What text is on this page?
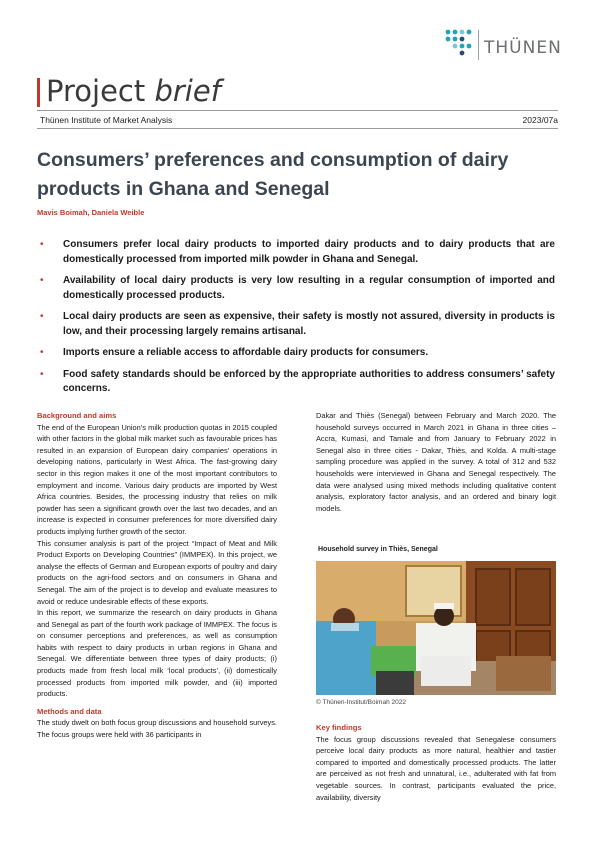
THÜNEN
Project brief
Thünen Institute of Market Analysis	2023/07a
Consumers’ preferences and consumption of dairy products in Ghana and Senegal
Mavis Boimah, Daniela Weible
• Consumers prefer local dairy products to imported dairy products and to dairy products that are domestically processed from imported milk powder in Ghana and Senegal.
• Availability of local dairy products is very low resulting in a regular consumption of imported and domestically processed products.
• Local dairy products are seen as expensive, their safety is mostly not assured, diversity in products is low, and their processing largely remains artisanal.
• Imports ensure a reliable access to affordable dairy products for consumers.
• Food safety standards should be enforced by the appropriate authorities to address consumers’ safety concerns.
Background and aims

The end of the European Union’s milk production quotas in 2015 coupled with other factors in the global milk market such as favourable prices has resulted in an expansion of European dairy companies’ operations in developing nations, particularly in West Africa. The fast-growing dairy sector in this region makes it one of the most important contributors to employment and income. Various dairy products are imported by West Africa countries. Besides, the processing industry that relies on milk powder has seen a significant growth over the last two decades, and an increase is expected in consumer preferences for more diversified dairy products implying further growth of the sector.

This consumer analysis is part of the project “Impact of Meat and Milk Product Exports on Developing Countries” (IMMPEX). In this project, we analyse the effects of German and European exports of poultry and dairy products on the agri-food sectors and on consumers in Ghana and Senegal. The aim of the project is to develop and evaluate measures to avoid or reduce undesirable effects of these exports.

In this report, we summarize the research on dairy products in Ghana and Senegal as part of the fourth work package of IMMPEX. The focus is on consumer perceptions and preferences, as well as consumption habits with respect to dairy products in urban regions in Ghana and Senegal. We differentiate between three types of dairy products; (i) products made from fresh local milk ‘local products’, (ii) domestically processed products from imported milk powder, and (iii) imported products.

Methods and data

The study dwelt on both focus group discussions and household surveys. The focus groups were held with 36 participants in

Dakar and Thiès (Senegal) between February and March 2020. The household surveys occurred in March 2021 in Ghana in three cities – Accra, Kumasi, and Tamale and from January to February 2022 in Senegal also in three cities - Dakar, Thiès, and Kolda. A multi-stage sampling procedure was applied in the survey. A total of 312 and 532 households were interviewed in Ghana and Senegal respectively. The data were analysed using mixed methods including qualitative content analysis, exploratory factor analysis, and an ordered and binary logit models.

Household survey in Thiès, Senegal
© Thünen-Institut/Boimah 2022
Key findings

The focus group discussions revealed that Senegalese consumers perceive local dairy products as more natural, healthier and tastier compared to imported and domestically processed products. The latter are perceived as not fresh and unnatural, i.e., adulterated with fat from vegetable sources. In contrast, participants evaluated the price, availability, diversity
